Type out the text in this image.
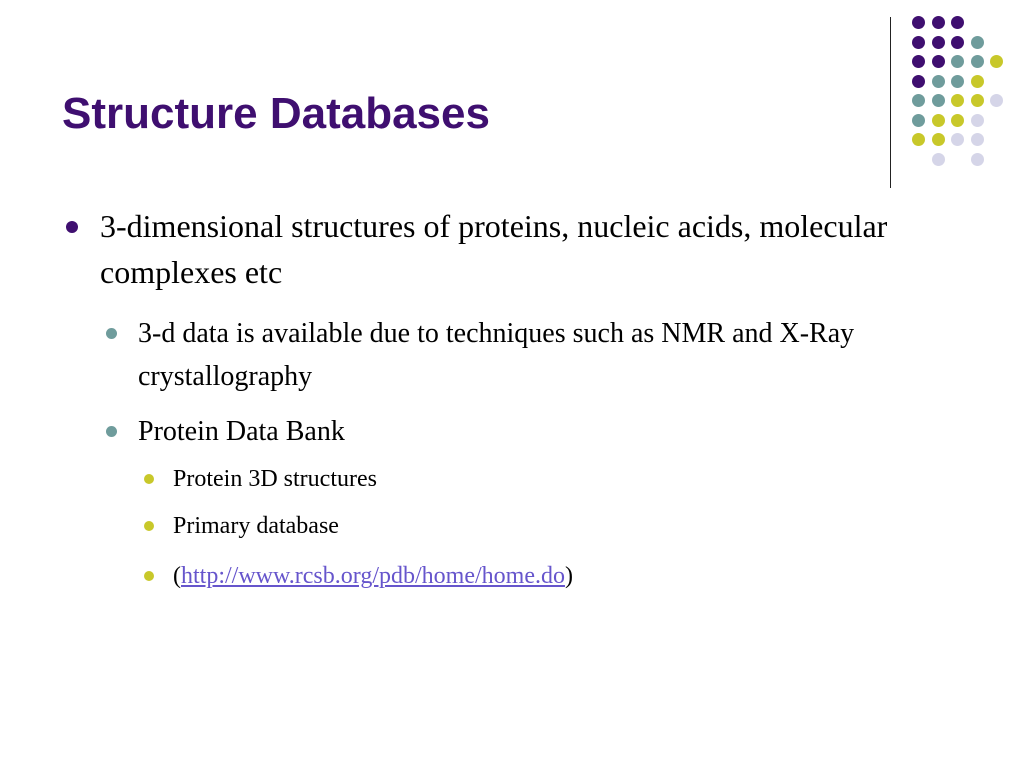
Structure Databases

3-dimensional structures of proteins, nucleic acids, molecular complexes etc

3-d data is available due to techniques such as NMR and X-Ray crystallography

Protein Data Bank

Protein 3D structures

Primary database

(http://www.rcsb.org/pdb/home/home.do)
